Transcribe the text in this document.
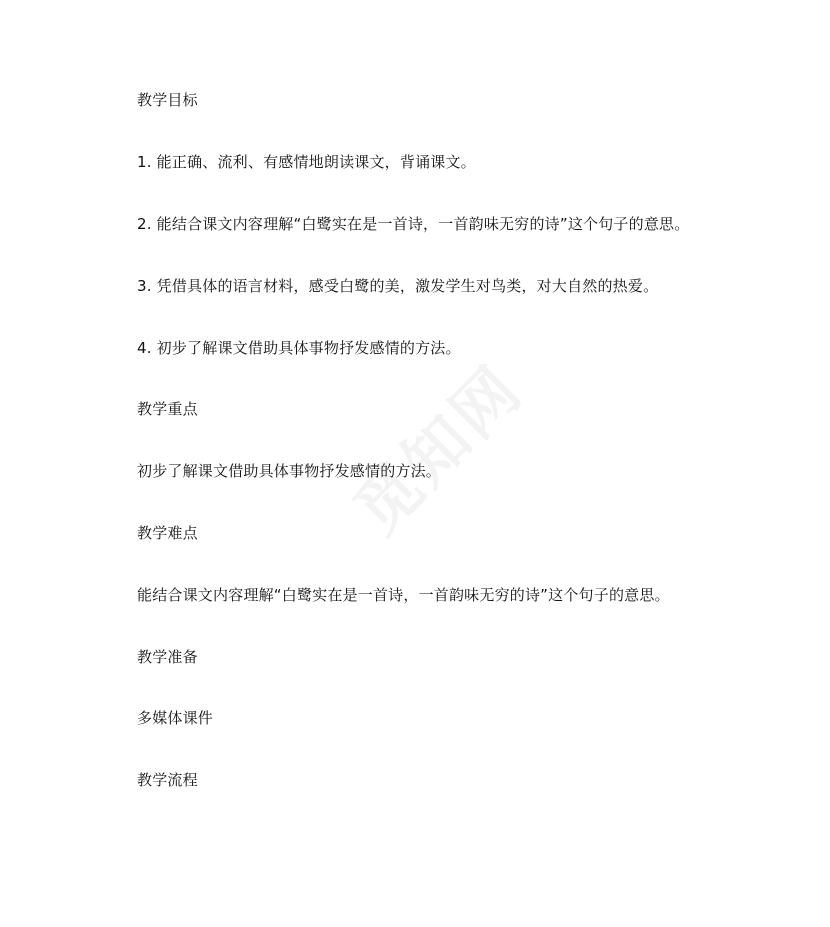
教学目标
1. 能正确、流利、有感情地朗读课文，背诵课文。
2. 能结合课文内容理解“白鹭实在是一首诗，一首韵味无穷的诗”这个句子的意思。
3. 凭借具体的语言材料，感受白鹭的美，激发学生对鸟类，对大自然的热爱。
4. 初步了解课文借助具体事物抒发感情的方法。
教学重点
初步了解课文借助具体事物抒发感情的方法。
教学难点
能结合课文内容理解“白鹭实在是一首诗，一首韵味无穷的诗”这个句子的意思。
教学准备
多媒体课件
教学流程
